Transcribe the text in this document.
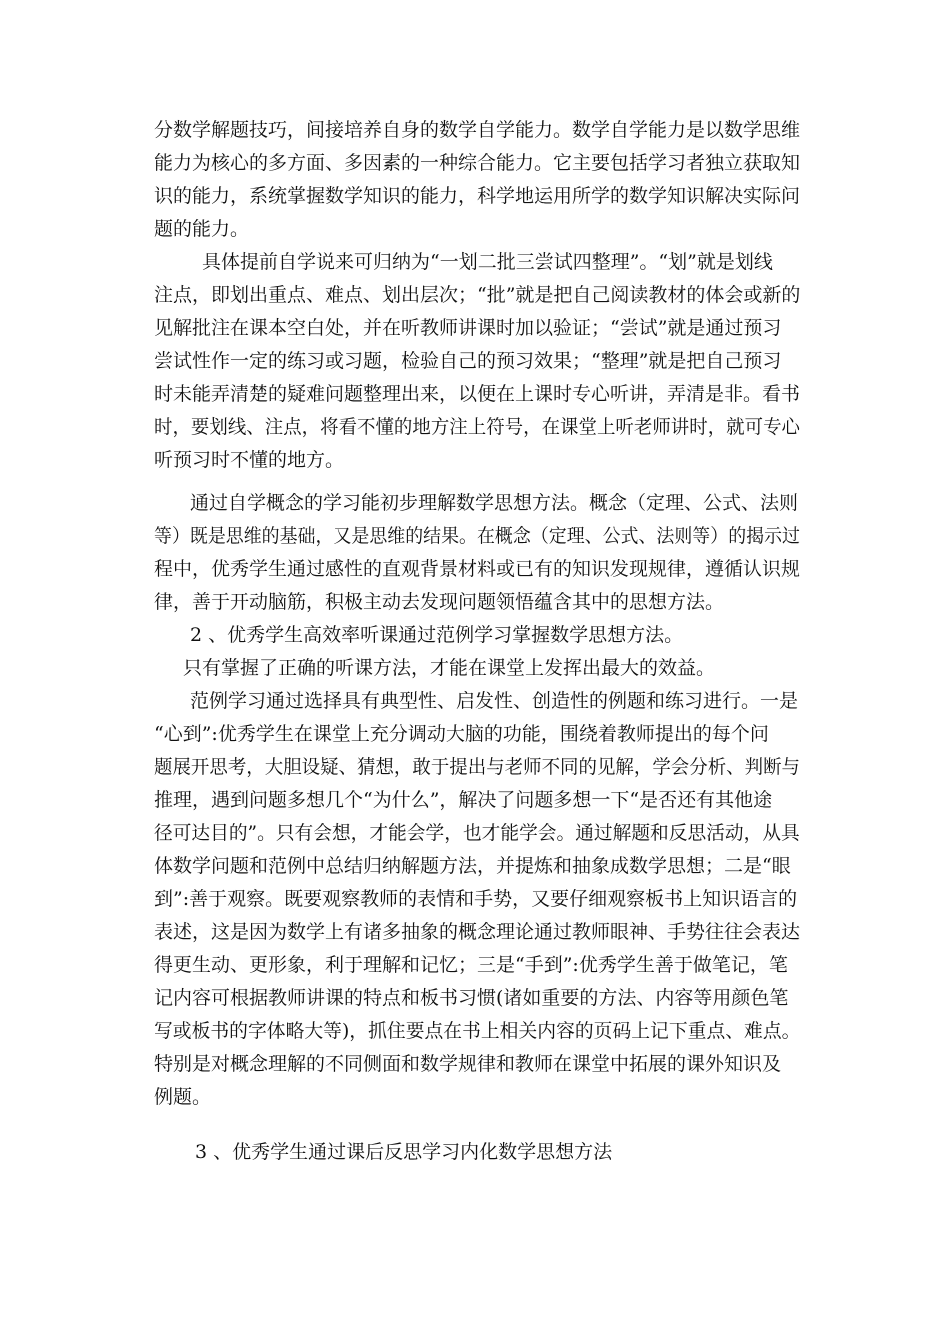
分数学解题技巧，间接培养自身的数学自学能力。数学自学能力是以数学思维
能力为核心的多方面、多因素的一种综合能力。它主要包括学习者独立获取知
识的能力，系统掌握数学知识的能力，科学地运用所学的数学知识解决实际问
题的能力。
具体提前自学说来可归纳为“一划二批三尝试四整理”。“划”就是划线
注点，即划出重点、难点、划出层次；“批”就是把自己阅读教材的体会或新的
见解批注在课本空白处，并在听教师讲课时加以验证；“尝试”就是通过预习
尝试性作一定的练习或习题，检验自己的预习效果；“整理”就是把自己预习
时未能弄清楚的疑难问题整理出来，以便在上课时专心听讲，弄清是非。看书
时，要划线、注点，将看不懂的地方注上符号，在课堂上听老师讲时，就可专心
听预习时不懂的地方。
通过自学概念的学习能初步理解数学思想方法。概念（定理、公式、法则
等）既是思维的基础，又是思维的结果。在概念（定理、公式、法则等）的揭示过
程中，优秀学生通过感性的直观背景材料或已有的知识发现规律，遵循认识规
律，善于开动脑筋，积极主动去发现问题领悟蕴含其中的思想方法。
2 、优秀学生高效率听课通过范例学习掌握数学思想方法。
只有掌握了正确的听课方法，才能在课堂上发挥出最大的效益。
范例学习通过选择具有典型性、启发性、创造性的例题和练习进行。一是
“心到”:优秀学生在课堂上充分调动大脑的功能，围绕着教师提出的每个问
题展开思考，大胆设疑、猜想，敢于提出与老师不同的见解，学会分析、判断与
推理，遇到问题多想几个“为什么”，解决了问题多想一下“是否还有其他途
径可达目的”。只有会想，才能会学，也才能学会。通过解题和反思活动，从具
体数学问题和范例中总结归纳解题方法，并提炼和抽象成数学思想；二是“眼
到”:善于观察。既要观察教师的表情和手势，又要仔细观察板书上知识语言的
表述，这是因为数学上有诸多抽象的概念理论通过教师眼神、手势往往会表达
得更生动、更形象，利于理解和记忆；三是“手到”:优秀学生善于做笔记，笔
记内容可根据教师讲课的特点和板书习惯(诸如重要的方法、内容等用颜色笔
写或板书的字体略大等)，抓住要点在书上相关内容的页码上记下重点、难点。
特别是对概念理解的不同侧面和数学规律和教师在课堂中拓展的课外知识及
例题。
3 、优秀学生通过课后反思学习内化数学思想方法
